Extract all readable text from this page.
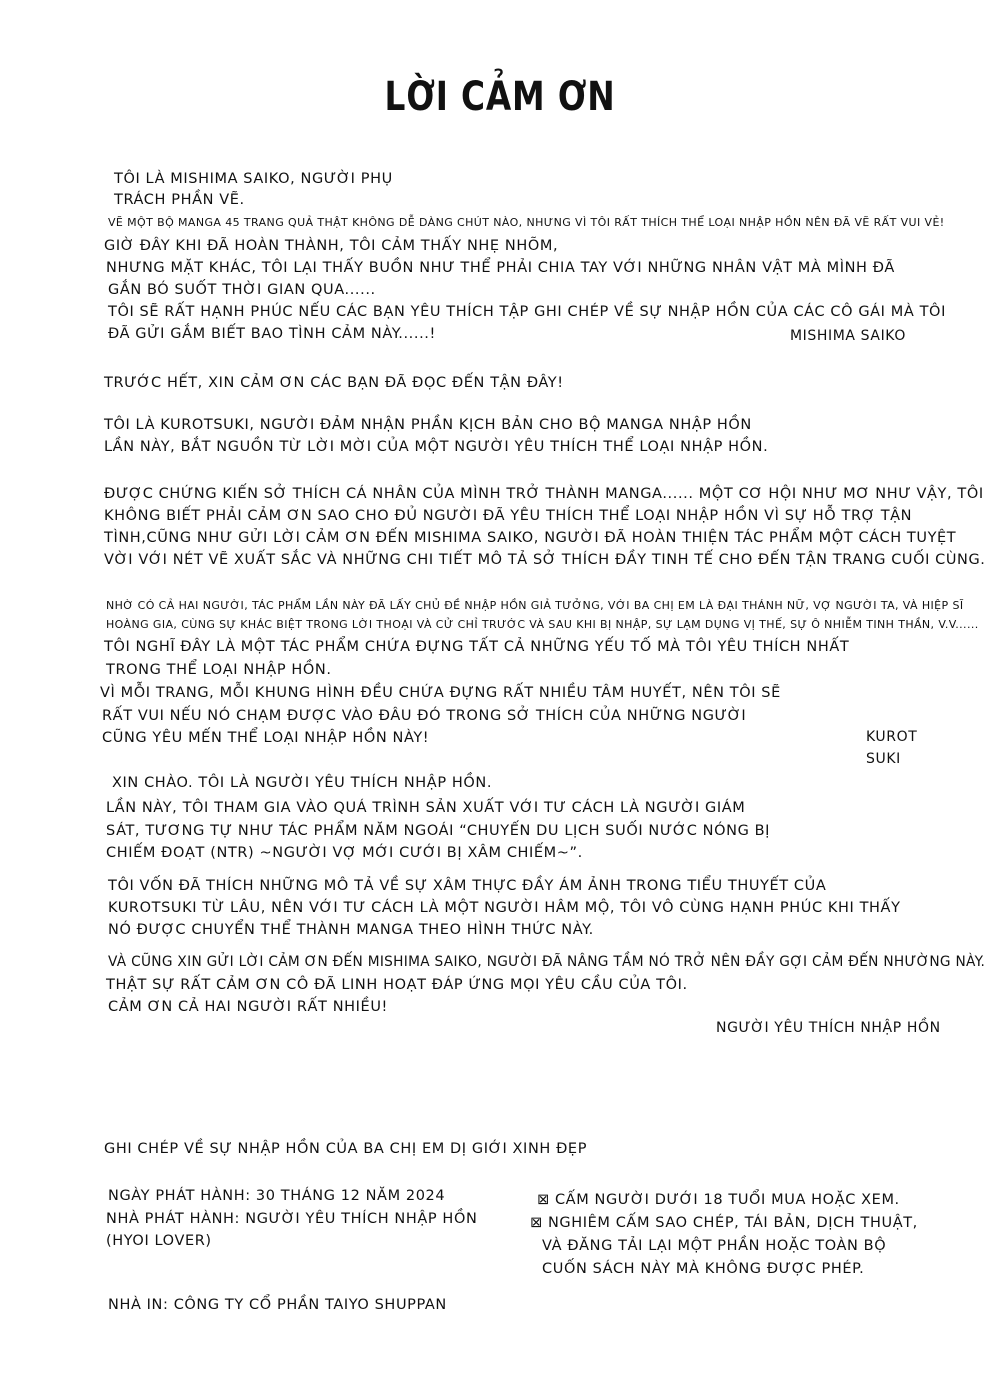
LỜI CẢM ƠN
TÔI LÀ MISHIMA SAIKO, NGƯỜI PHỤ
TRÁCH PHẦN VẼ.
VẼ MỘT BỘ MANGA 45 TRANG QUẢ THẬT KHÔNG DỄ DÀNG CHÚT NÀO, NHƯNG VÌ TÔI RẤT THÍCH THỂ LOẠI NHẬP HỒN NÊN ĐÃ VẼ RẤT VUI VẺ!
GIỜ ĐÂY KHI ĐÃ HOÀN THÀNH, TÔI CẢM THẤY NHẸ NHÕM,
NHƯNG MẶT KHÁC, TÔI LẠI THẤY BUỒN NHƯ THỂ PHẢI CHIA TAY VỚI NHỮNG NHÂN VẬT MÀ MÌNH ĐÃ
GẮN BÓ SUỐT THỜI GIAN QUA......
TÔI SẼ RẤT HẠNH PHÚC NẾU CÁC BẠN YÊU THÍCH TẬP GHI CHÉP VỀ SỰ NHẬP HỒN CỦA CÁC CÔ GÁI MÀ TÔI
ĐÃ GỬI GẮM BIẾT BAO TÌNH CẢM NÀY......!	MISHIMA SAIKO
TRƯỚC HẾT, XIN CẢM ƠN CÁC BẠN ĐÃ ĐỌC ĐẾN TẬN ĐÂY!
TÔI LÀ KUROTSUKI, NGƯỜI ĐẢM NHẬN PHẦN KỊCH BẢN CHO BỘ MANGA NHẬP HỒN
LẦN NÀY, BẮT NGUỒN TỪ LỜI MỜI CỦA MỘT NGƯỜI YÊU THÍCH THỂ LOẠI NHẬP HỒN.
ĐƯỢC CHỨNG KIẾN SỞ THÍCH CÁ NHÂN CỦA MÌNH TRỞ THÀNH MANGA...... MỘT CƠ HỘI NHƯ MƠ NHƯ VẬY, TÔI
KHÔNG BIẾT PHẢI CẢM ƠN SAO CHO ĐỦ NGƯỜI ĐÃ YÊU THÍCH THỂ LOẠI NHẬP HỒN VÌ SỰ HỖ TRỢ TẬN
TÌNH,CŨNG NHƯ GỬI LỜI CẢM ƠN ĐẾN MISHIMA SAIKO, NGƯỜI ĐÃ HOÀN THIỆN TÁC PHẨM MỘT CÁCH TUYỆT
VỜI VỚI NÉT VẼ XUẤT SẮC VÀ NHỮNG CHI TIẾT MÔ TẢ SỞ THÍCH ĐẦY TINH TẾ CHO ĐẾN TẬN TRANG CUỐI CÙNG.
NHỜ CÓ CẢ HAI NGƯỜI, TÁC PHẨM LẦN NÀY ĐÃ LẤY CHỦ ĐỀ NHẬP HỒN GIẢ TƯỞNG, VỚI BA CHỊ EM LÀ ĐẠI THÁNH NỮ, VỢ NGƯỜI TA, VÀ HIỆP SĨ
HOÀNG GIA, CÙNG SỰ KHÁC BIỆT TRONG LỜI THOẠI VÀ CỬ CHỈ TRƯỚC VÀ SAU KHI BỊ NHẬP, SỰ LẠM DỤNG VỊ THẾ, SỰ Ô NHIỄM TINH THẦN, V.V......
TÔI NGHĨ ĐÂY LÀ MỘT TÁC PHẨM CHỨA ĐỰNG TẤT CẢ NHỮNG YẾU TỐ MÀ TÔI YÊU THÍCH NHẤT
TRONG THỂ LOẠI NHẬP HỒN.
VÌ MỖI TRANG, MỖI KHUNG HÌNH ĐỀU CHỨA ĐỰNG RẤT NHIỀU TÂM HUYẾT, NÊN TÔI SẼ
RẤT VUI NẾU NÓ CHẠM ĐƯỢC VÀO ĐÂU ĐÓ TRONG SỞ THÍCH CỦA NHỮNG NGƯỜI
CŨNG YÊU MẾN THỂ LOẠI NHẬP HỒN NÀY!	KUROT
SUKI
XIN CHÀO. TÔI LÀ NGƯỜI YÊU THÍCH NHẬP HỒN.
LẦN NÀY, TÔI THAM GIA VÀO QUÁ TRÌNH SẢN XUẤT VỚI TƯ CÁCH LÀ NGƯỜI GIÁM
SÁT, TƯƠNG TỰ NHƯ TÁC PHẨM NĂM NGOÁI “CHUYẾN DU LỊCH SUỐI NƯỚC NÓNG BỊ
CHIẾM ĐOẠT (NTR) ~NGƯỜI VỢ MỚI CƯỚI BỊ XÂM CHIẾM~”.
TÔI VỐN ĐÃ THÍCH NHỮNG MÔ TẢ VỀ SỰ XÂM THỰC ĐẦY ÁM ẢNH TRONG TIỂU THUYẾT CỦA
KUROTSUKI TỪ LÂU, NÊN VỚI TƯ CÁCH LÀ MỘT NGƯỜI HÂM MỘ, TÔI VÔ CÙNG HẠNH PHÚC KHI THẤY
NÓ ĐƯỢC CHUYỂN THỂ THÀNH MANGA THEO HÌNH THỨC NÀY.
VÀ CŨNG XIN GỬI LỜI CẢM ƠN ĐẾN MISHIMA SAIKO, NGƯỜI ĐÃ NÂNG TẦM NÓ TRỞ NÊN ĐẦY GỢI CẢM ĐẾN NHƯỜNG NÀY.
THẬT SỰ RẤT CẢM ƠN CÔ ĐÃ LINH HOẠT ĐÁP ỨNG MỌI YÊU CẦU CỦA TÔI.
CẢM ƠN CẢ HAI NGƯỜI RẤT NHIỀU!
NGƯỜI YÊU THÍCH NHẬP HỒN
GHI CHÉP VỀ SỰ NHẬP HỒN CỦA BA CHỊ EM DỊ GIỚI XINH ĐẸP
NGÀY PHÁT HÀNH: 30 THÁNG 12 NĂM 2024
NHÀ PHÁT HÀNH: NGƯỜI YÊU THÍCH NHẬP HỒN
(HYOI LOVER)
NHÀ IN: CÔNG TY CỔ PHẦN TAIYO SHUPPAN
⊠ CẤM NGƯỜI DƯỚI 18 TUỔI MUA HOẶC XEM.
⊠ NGHIÊM CẤM SAO CHÉP, TÁI BẢN, DỊCH THUẬT,
VÀ ĐĂNG TẢI LẠI MỘT PHẦN HOẶC TOÀN BỘ
CUỐN SÁCH NÀY MÀ KHÔNG ĐƯỢC PHÉP.
